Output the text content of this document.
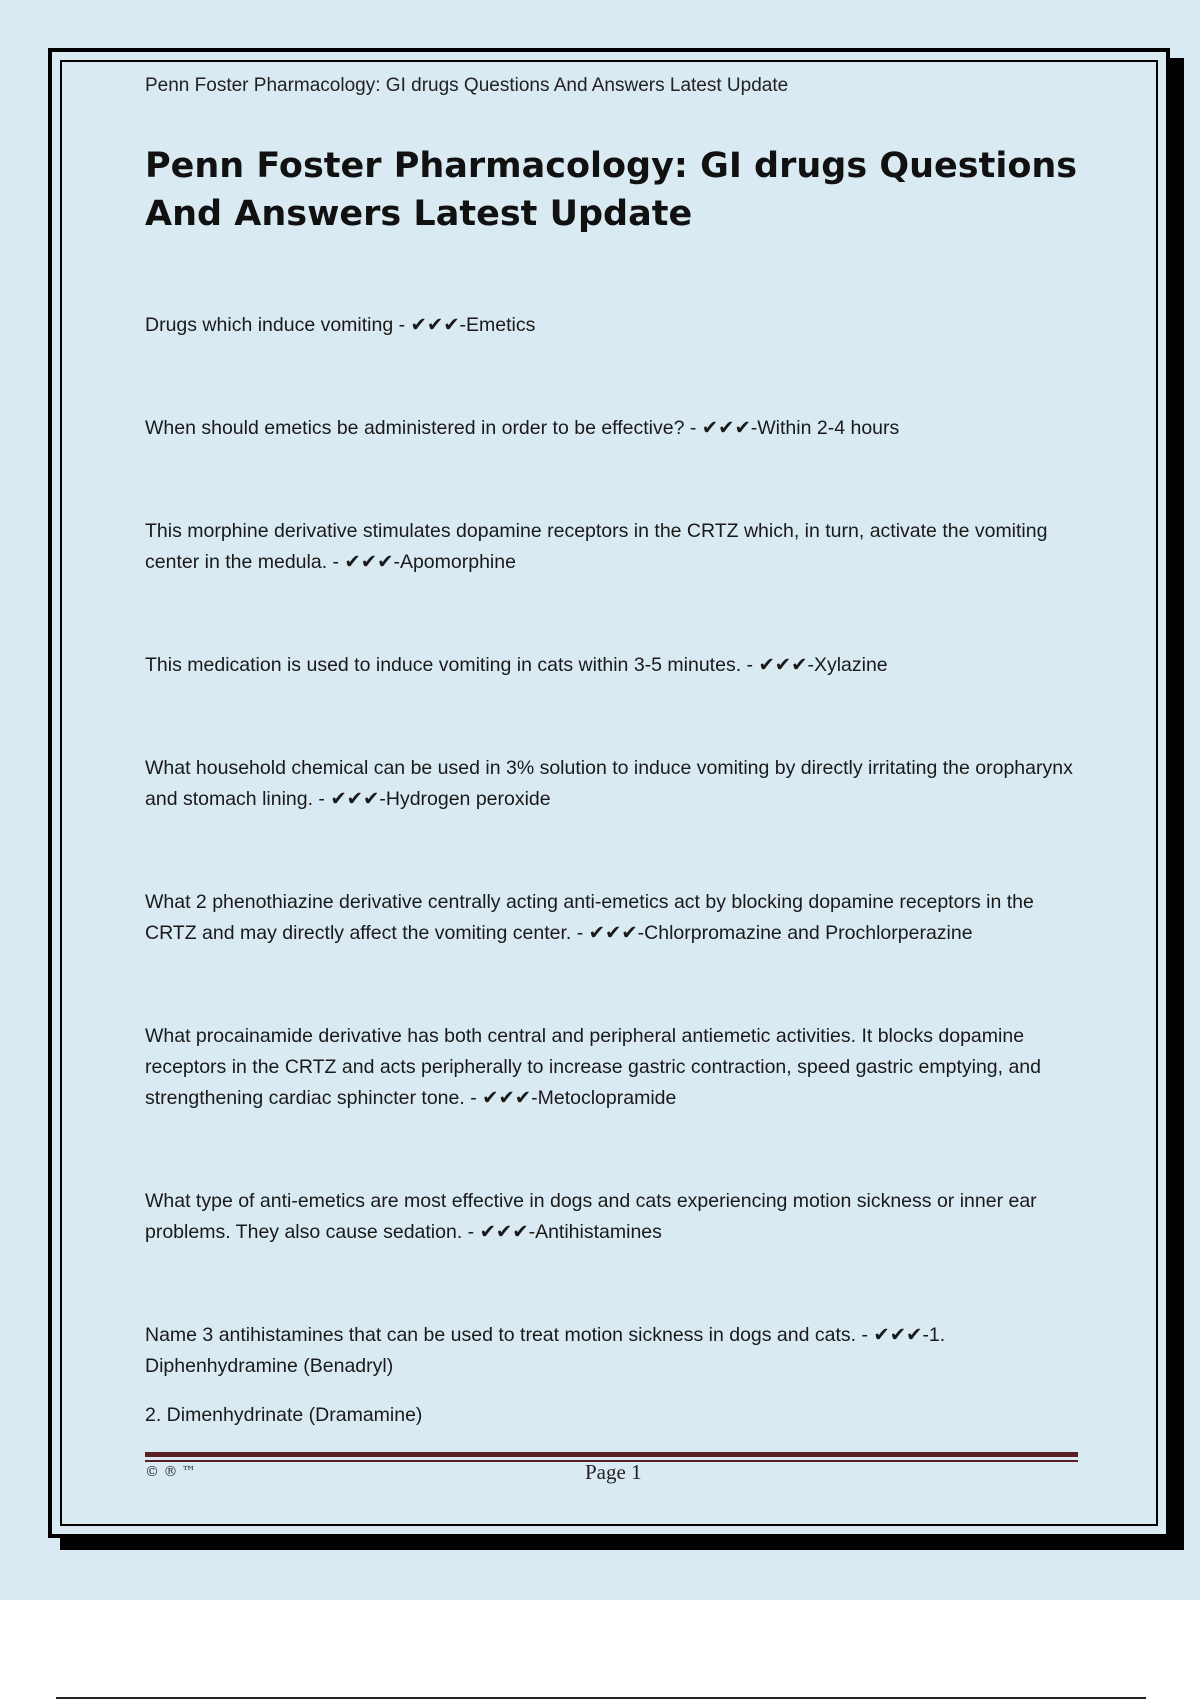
Penn Foster Pharmacology: GI drugs Questions And Answers Latest Update

Penn Foster Pharmacology: GI drugs Questions And Answers Latest Update

Drugs which induce vomiting - ✔✔✔-Emetics

When should emetics be administered in order to be effective? - ✔✔✔-Within 2-4 hours

This morphine derivative stimulates dopamine receptors in the CRTZ which, in turn, activate the vomiting center in the medula. - ✔✔✔-Apomorphine

This medication is used to induce vomiting in cats within 3-5 minutes. - ✔✔✔-Xylazine

What household chemical can be used in 3% solution to induce vomiting by directly irritating the oropharynx and stomach lining. - ✔✔✔-Hydrogen peroxide

What 2 phenothiazine derivative centrally acting anti-emetics act by blocking dopamine receptors in the CRTZ and may directly affect the vomiting center. - ✔✔✔-Chlorpromazine and Prochlorperazine

What procainamide derivative has both central and peripheral antiemetic activities. It blocks dopamine receptors in the CRTZ and acts peripherally to increase gastric contraction, speed gastric emptying, and strengthening cardiac sphincter tone. - ✔✔✔-Metoclopramide

What type of anti-emetics are most effective in dogs and cats experiencing motion sickness or inner ear problems. They also cause sedation. - ✔✔✔-Antihistamines

Name 3 antihistamines that can be used to treat motion sickness in dogs and cats. - ✔✔✔-1. Diphenhydramine (Benadryl)

2. Dimenhydrinate (Dramamine)

© ® ™	Page 1
